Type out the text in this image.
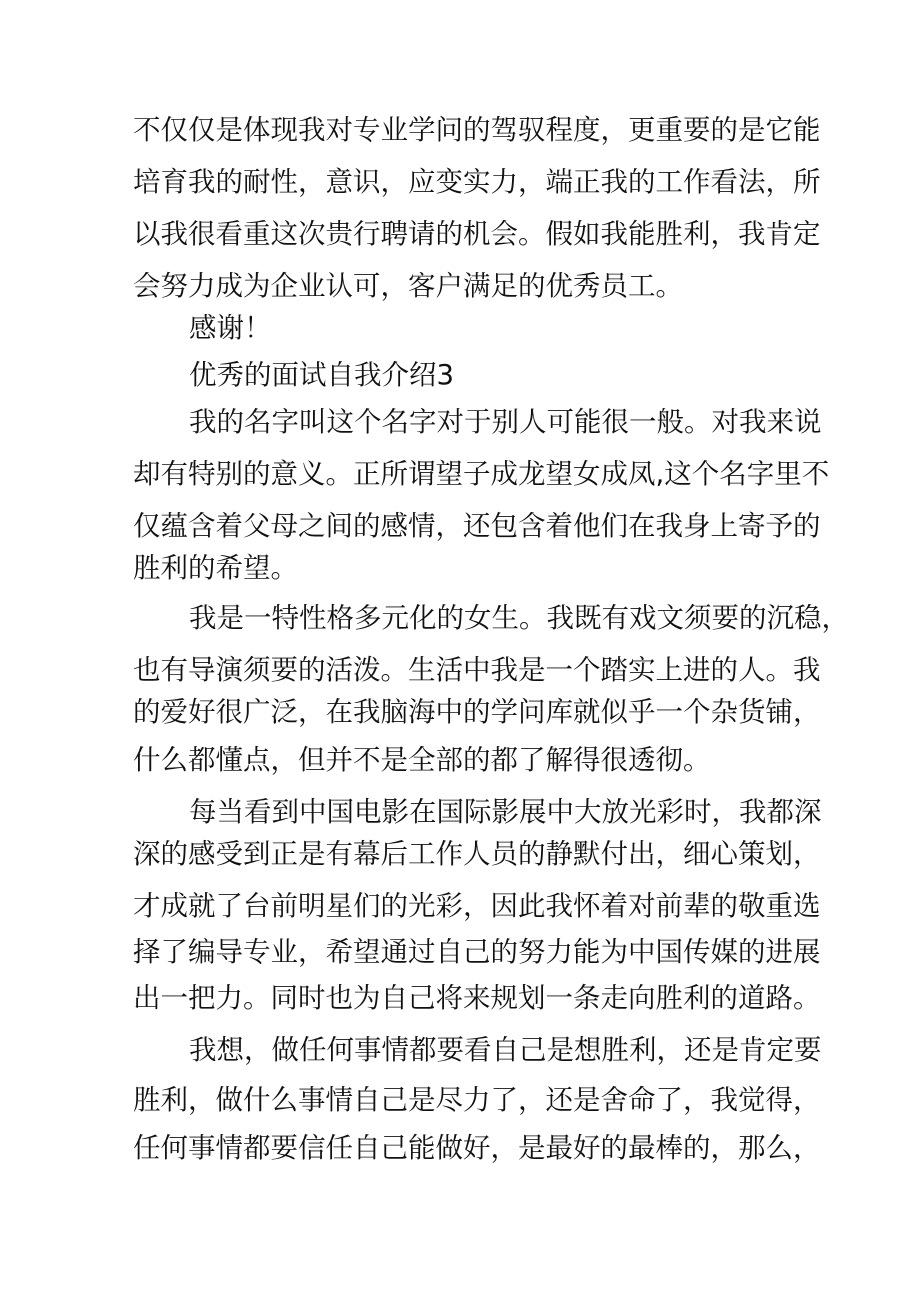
不仅仅是体现我对专业学问的驾驭程度，更重要的是它能
培育我的耐性，意识，应变实力，端正我的工作看法，所
以我很看重这次贵行聘请的机会。假如我能胜利，我肯定
会努力成为企业认可，客户满足的优秀员工。
感谢！
优秀的面试自我介绍3
我的名字叫这个名字对于别人可能很一般。对我来说
却有特别的意义。正所谓望子成龙望女成凤,这个名字里不
仅蕴含着父母之间的感情，还包含着他们在我身上寄予的
胜利的希望。
我是一特性格多元化的女生。我既有戏文须要的沉稳，
也有导演须要的活泼。生活中我是一个踏实上进的人。我
的爱好很广泛，在我脑海中的学问库就似乎一个杂货铺，
什么都懂点，但并不是全部的都了解得很透彻。
每当看到中国电影在国际影展中大放光彩时，我都深
深的感受到正是有幕后工作人员的静默付出，细心策划，
才成就了台前明星们的光彩，因此我怀着对前辈的敬重选
择了编导专业，希望通过自己的努力能为中国传媒的进展
出一把力。同时也为自己将来规划一条走向胜利的道路。
我想，做任何事情都要看自己是想胜利，还是肯定要
胜利，做什么事情自己是尽力了，还是舍命了，我觉得，
任何事情都要信任自己能做好，是最好的最棒的，那么，
